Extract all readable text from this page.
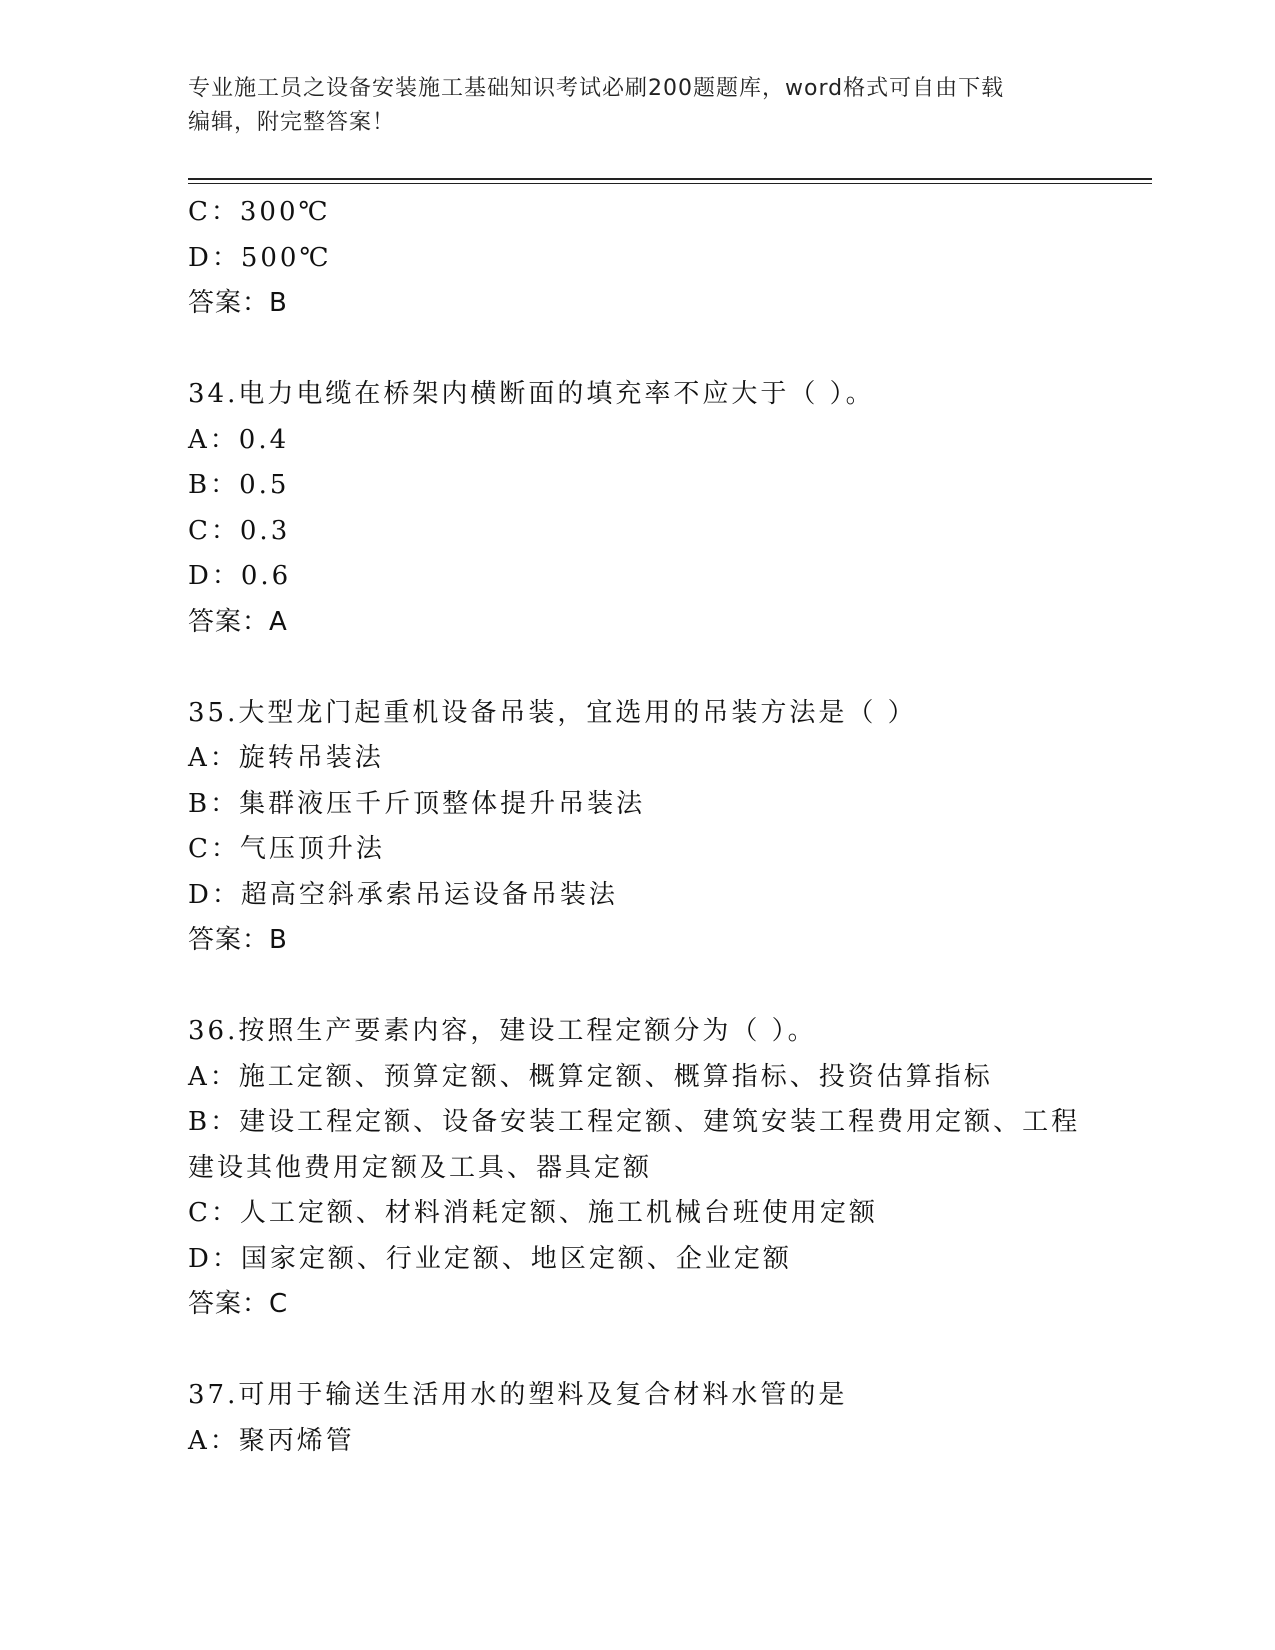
专业施工员之设备安装施工基础知识考试必刷200题题库，word格式可自由下载
编辑，附完整答案！
C：300℃
D：500℃
答案：B
34.电力电缆在桥架内横断面的填充率不应大于（ ）。
A：0.4
B：0.5
C：0.3
D：0.6
答案：A
35.大型龙门起重机设备吊装，宜选用的吊装方法是（ ）
A：旋转吊装法
B：集群液压千斤顶整体提升吊装法
C：气压顶升法
D：超高空斜承索吊运设备吊装法
答案：B
36.按照生产要素内容，建设工程定额分为（ ）。
A：施工定额、预算定额、概算定额、概算指标、投资估算指标
B：建设工程定额、设备安装工程定额、建筑安装工程费用定额、工程
建设其他费用定额及工具、器具定额
C：人工定额、材料消耗定额、施工机械台班使用定额
D：国家定额、行业定额、地区定额、企业定额
答案：C
37.可用于输送生活用水的塑料及复合材料水管的是
A：聚丙烯管
